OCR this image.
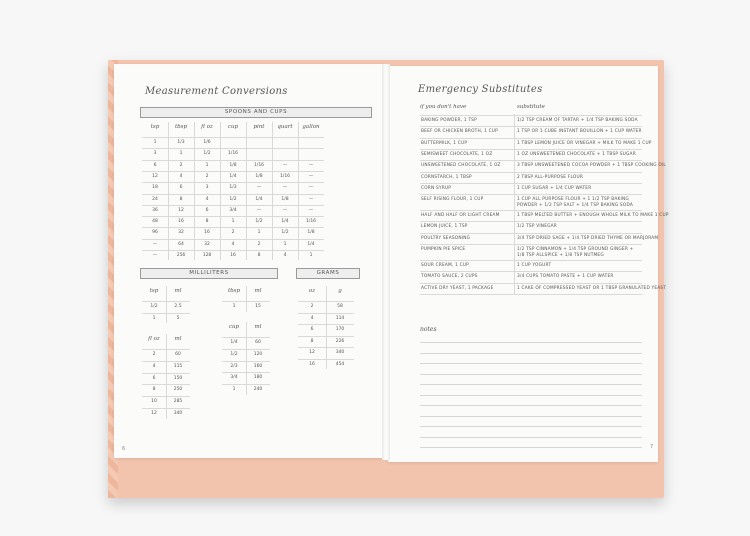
Measurement Conversions
SPOONS AND CUPS
tsp	tbsp	fl oz	cup	pint	quart	gallon
1	1/3	1/6
3	1	1/2	1/16
6	2	1	1/8	1/16	—	—
12	4	2	1/4	1/8	1/16	—
18	6	3	1/3	—	—	—
24	8	4	1/2	1/4	1/8	—
36	12	6	3/4	—	—	—
48	16	8	1	1/2	1/4	1/16
96	32	16	2	1	1/2	1/8
—	64	32	4	2	1	1/4
—	256	128	16	8	4	1
MILLILITERS
tsp	ml
1/2	2.5
1	5
tbsp	ml
1	15
fl oz	ml
2	60
4	115
6	150
8	250
10	285
12	340
cup	ml
1/4	60
1/2	120
2/3	160
3/4	180
1	240
GRAMS
oz	g
2	58
4	114
6	170
8	226
12	340
16	454
6
Emergency Substitutes
if you don't have	substitute
BAKING POWDER, 1 TSP	1/2 TSP CREAM OF TARTAR + 1/4 TSP BAKING SODA
BEEF OR CHICKEN BROTH, 1 CUP	1 TSP OR 1 CUBE INSTANT BOUILLON + 1 CUP WATER
BUTTERMILK, 1 CUP	1 TBSP LEMON JUICE OR VINEGAR + MILK TO MAKE 1 CUP
SEMISWEET CHOCOLATE, 1 OZ	1 OZ UNSWEETENED CHOCOLATE + 1 TBSP SUGAR
UNSWEETENED CHOCOLATE, 1 OZ	3 TBSP UNSWEETENED COCOA POWDER + 1 TBSP COOKING OIL
CORNSTARCH, 1 TBSP	2 TBSP ALL-PURPOSE FLOUR
CORN SYRUP	1 CUP SUGAR + 1/4 CUP WATER
SELF RISING FLOUR, 1 CUP	1 CUP ALL PURPOSE FLOUR + 1 1/2 TSP BAKING POWDER + 1/2 TSP SALT + 1/4 TSP BAKING SODA
HALF AND HALF OR LIGHT CREAM	1 TBSP MELTED BUTTER + ENOUGH WHOLE MILK TO MAKE 1 CUP
LEMON JUICE, 1 TSP	1/2 TSP VINEGAR
POULTRY SEASONING	3/4 TSP DRIED SAGE + 1/4 TSP DRIED THYME OR MARJORAM
PUMPKIN PIE SPICE	1/2 TSP CINNAMON + 1/4 TSP GROUND GINGER + 1/8 TSP ALLSPICE + 1/8 TSP NUTMEG
SOUR CREAM, 1 CUP	1 CUP YOGURT
TOMATO SAUCE, 2 CUPS	3/4 CUPS TOMATO PASTE + 1 CUP WATER
ACTIVE DRY YEAST, 1 PACKAGE	1 CAKE OF COMPRESSED YEAST OR 1 TBSP GRANULATED YEAST
notes
7
